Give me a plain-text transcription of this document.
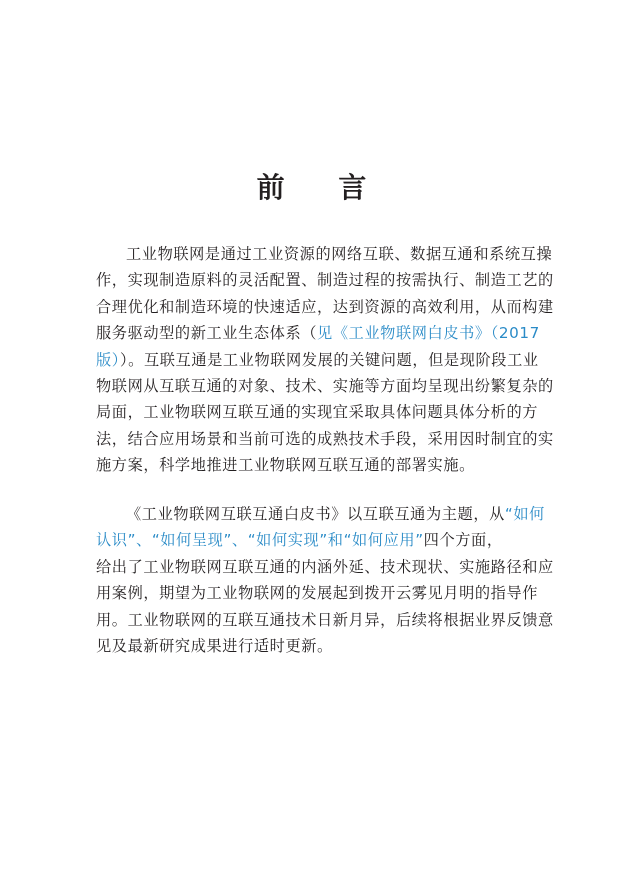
前 言
工业物联网是通过工业资源的网络互联、数据互通和系统互操
作，实现制造原料的灵活配置、制造过程的按需执行、制造工艺的
合理优化和制造环境的快速适应，达到资源的高效利用，从而构建
服务驱动型的新工业生态体系（见《工业物联网白皮书》（2017
版））。互联互通是工业物联网发展的关键问题，但是现阶段工业
物联网从互联互通的对象、技术、实施等方面均呈现出纷繁复杂的
局面，工业物联网互联互通的实现宜采取具体问题具体分析的方
法，结合应用场景和当前可选的成熟技术手段，采用因时制宜的实
施方案，科学地推进工业物联网互联互通的部署实施。
《工业物联网互联互通白皮书》以互联互通为主题，从“如何
认识”、“如何呈现”、“如何实现”和“如何应用”四个方面，
给出了工业物联网互联互通的内涵外延、技术现状、实施路径和应
用案例，期望为工业物联网的发展起到拨开云雾见月明的指导作
用。工业物联网的互联互通技术日新月异，后续将根据业界反馈意
见及最新研究成果进行适时更新。
